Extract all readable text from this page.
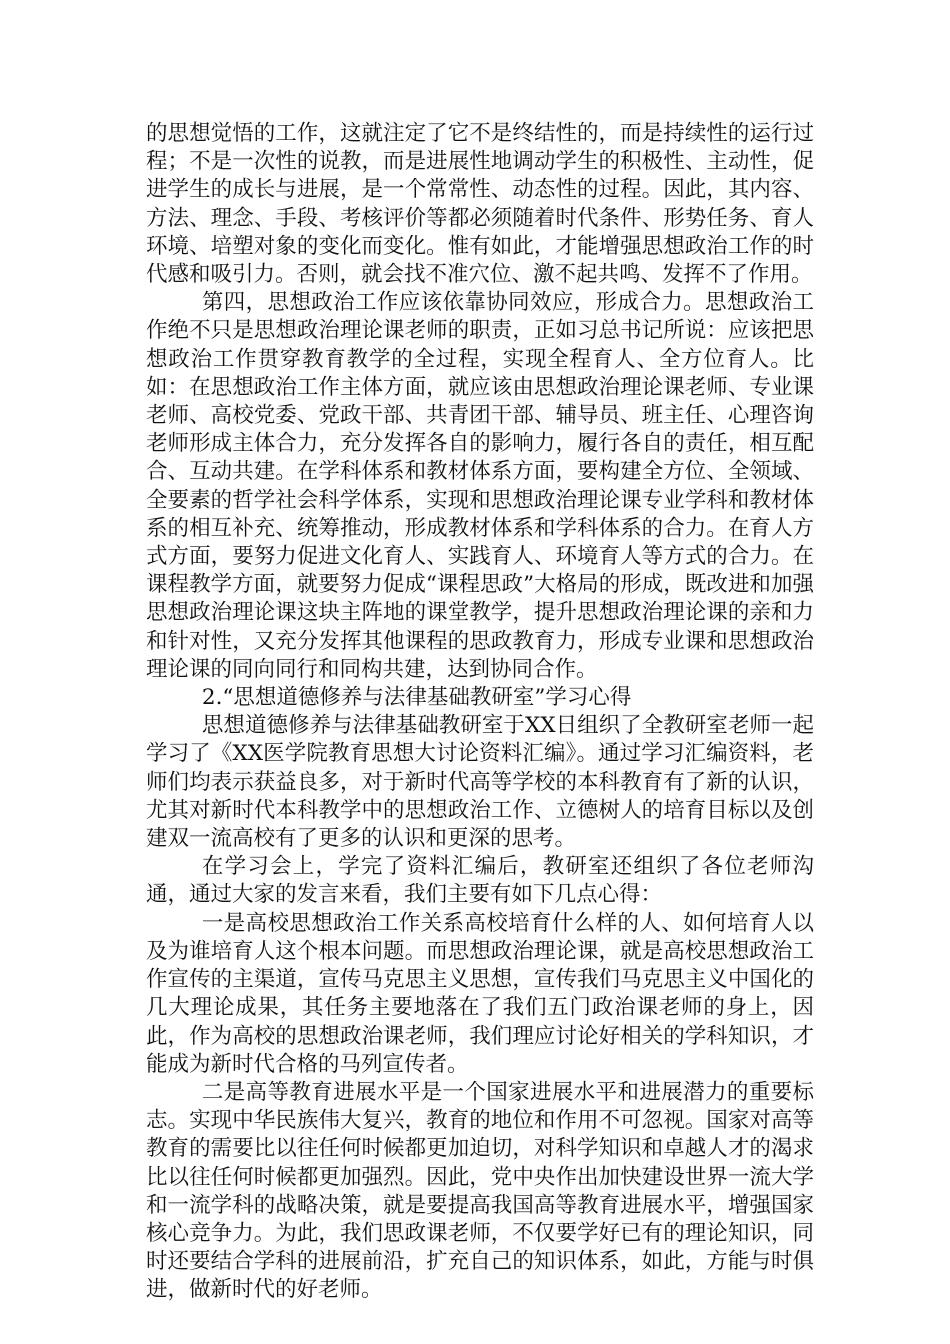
的思想觉悟的工作，这就注定了它不是终结性的，而是持续性的运行过程；不是一次性的说教，而是进展性地调动学生的积极性、主动性，促进学生的成长与进展，是一个常常性、动态性的过程。因此，其内容、方法、理念、手段、考核评价等都必须随着时代条件、形势任务、育人环境、培塑对象的变化而变化。惟有如此，才能增强思想政治工作的时代感和吸引力。否则，就会找不准穴位、激不起共鸣、发挥不了作用。

第四，思想政治工作应该依靠协同效应，形成合力。思想政治工作绝不只是思想政治理论课老师的职责，正如习总书记所说：应该把思想政治工作贯穿教育教学的全过程，实现全程育人、全方位育人。比如：在思想政治工作主体方面，就应该由思想政治理论课老师、专业课老师、高校党委、党政干部、共青团干部、辅导员、班主任、心理咨询老师形成主体合力，充分发挥各自的影响力，履行各自的责任，相互配合、互动共建。在学科体系和教材体系方面，要构建全方位、全领域、全要素的哲学社会科学体系，实现和思想政治理论课专业学科和教材体系的相互补充、统筹推动，形成教材体系和学科体系的合力。在育人方式方面，要努力促进文化育人、实践育人、环境育人等方式的合力。在课程教学方面，就要努力促成“课程思政”大格局的形成，既改进和加强思想政治理论课这块主阵地的课堂教学，提升思想政治理论课的亲和力和针对性，又充分发挥其他课程的思政教育力，形成专业课和思想政治理论课的同向同行和同构共建，达到协同合作。

2.“思想道德修养与法律基础教研室”学习心得

思想道德修养与法律基础教研室于XX日组织了全教研室老师一起学习了《XX医学院教育思想大讨论资料汇编》。通过学习汇编资料，老师们均表示获益良多，对于新时代高等学校的本科教育有了新的认识，尤其对新时代本科教学中的思想政治工作、立德树人的培育目标以及创建双一流高校有了更多的认识和更深的思考。

在学习会上，学完了资料汇编后，教研室还组织了各位老师沟通，通过大家的发言来看，我们主要有如下几点心得：

一是高校思想政治工作关系高校培育什么样的人、如何培育人以及为谁培育人这个根本问题。而思想政治理论课，就是高校思想政治工作宣传的主渠道，宣传马克思主义思想，宣传我们马克思主义中国化的几大理论成果，其任务主要地落在了我们五门政治课老师的身上，因此，作为高校的思想政治课老师，我们理应讨论好相关的学科知识，才能成为新时代合格的马列宣传者。

二是高等教育进展水平是一个国家进展水平和进展潜力的重要标志。实现中华民族伟大复兴，教育的地位和作用不可忽视。国家对高等教育的需要比以往任何时候都更加迫切，对科学知识和卓越人才的渴求比以往任何时候都更加强烈。因此，党中央作出加快建设世界一流大学和一流学科的战略决策，就是要提高我国高等教育进展水平，增强国家核心竞争力。为此，我们思政课老师，不仅要学好已有的理论知识，同时还要结合学科的进展前沿，扩充自己的知识体系，如此，方能与时俱进，做新时代的好老师。
